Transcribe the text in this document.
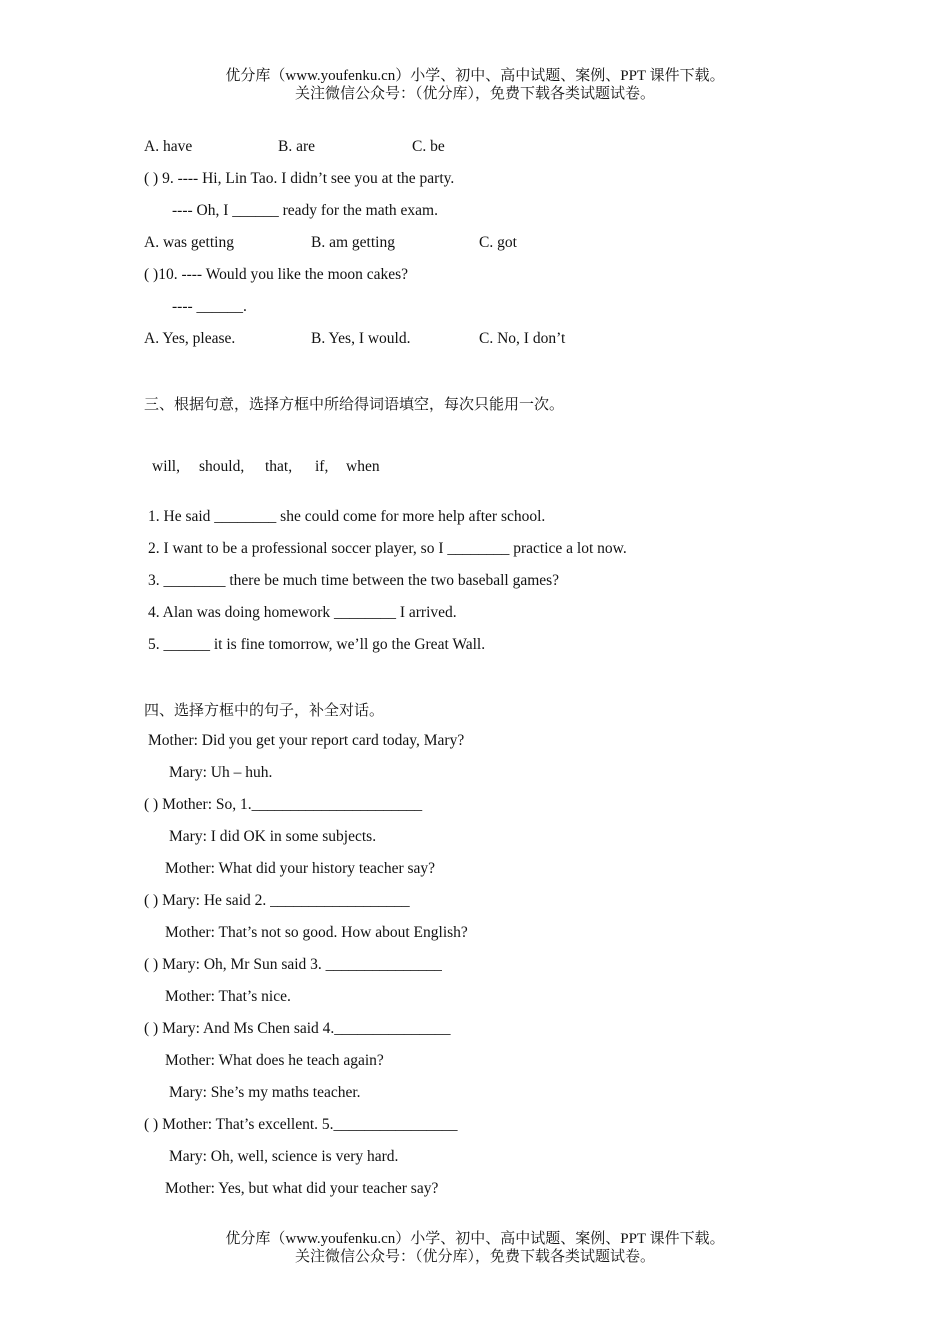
优分库（www.youfenku.cn）小学、初中、高中试题、案例、PPT 课件下载。
关注微信公众号：（优分库），免费下载各类试题试卷。
A. have	B. are	C. be
( ) 9. ---- Hi, Lin Tao. I didn’t see you at the party.
---- Oh, I ______ ready for the math exam.
A. was getting	B. am getting	C. got
( )10. ---- Would you like the moon cakes?
---- ______.
A. Yes, please.	B. Yes, I would.	C. No, I don’t
三、根据句意，选择方框中所给得词语填空，每次只能用一次。
will, should, that, if, when
1. He said ________ she could come for more help after school.
2. I want to be a professional soccer player, so I ________ practice a lot now.
3. ________ there be much time between the two baseball games?
4. Alan was doing homework ________ I arrived.
5. ______ it is fine tomorrow, we’ll go the Great Wall.
四、选择方框中的句子，补全对话。
Mother: Did you get your report card today, Mary?
Mary: Uh – huh.
( ) Mother: So, 1.______________________
Mary: I did OK in some subjects.
Mother: What did your history teacher say?
( ) Mary: He said 2. __________________
Mother: That’s not so good. How about English?
( ) Mary: Oh, Mr Sun said 3. _______________
Mother: That’s nice.
( ) Mary: And Ms Chen said 4._______________
Mother: What does he teach again?
Mary: She’s my maths teacher.
( ) Mother: That’s excellent. 5.________________
Mary: Oh, well, science is very hard.
Mother: Yes, but what did your teacher say?
优分库（www.youfenku.cn）小学、初中、高中试题、案例、PPT 课件下载。
关注微信公众号：（优分库），免费下载各类试题试卷。
